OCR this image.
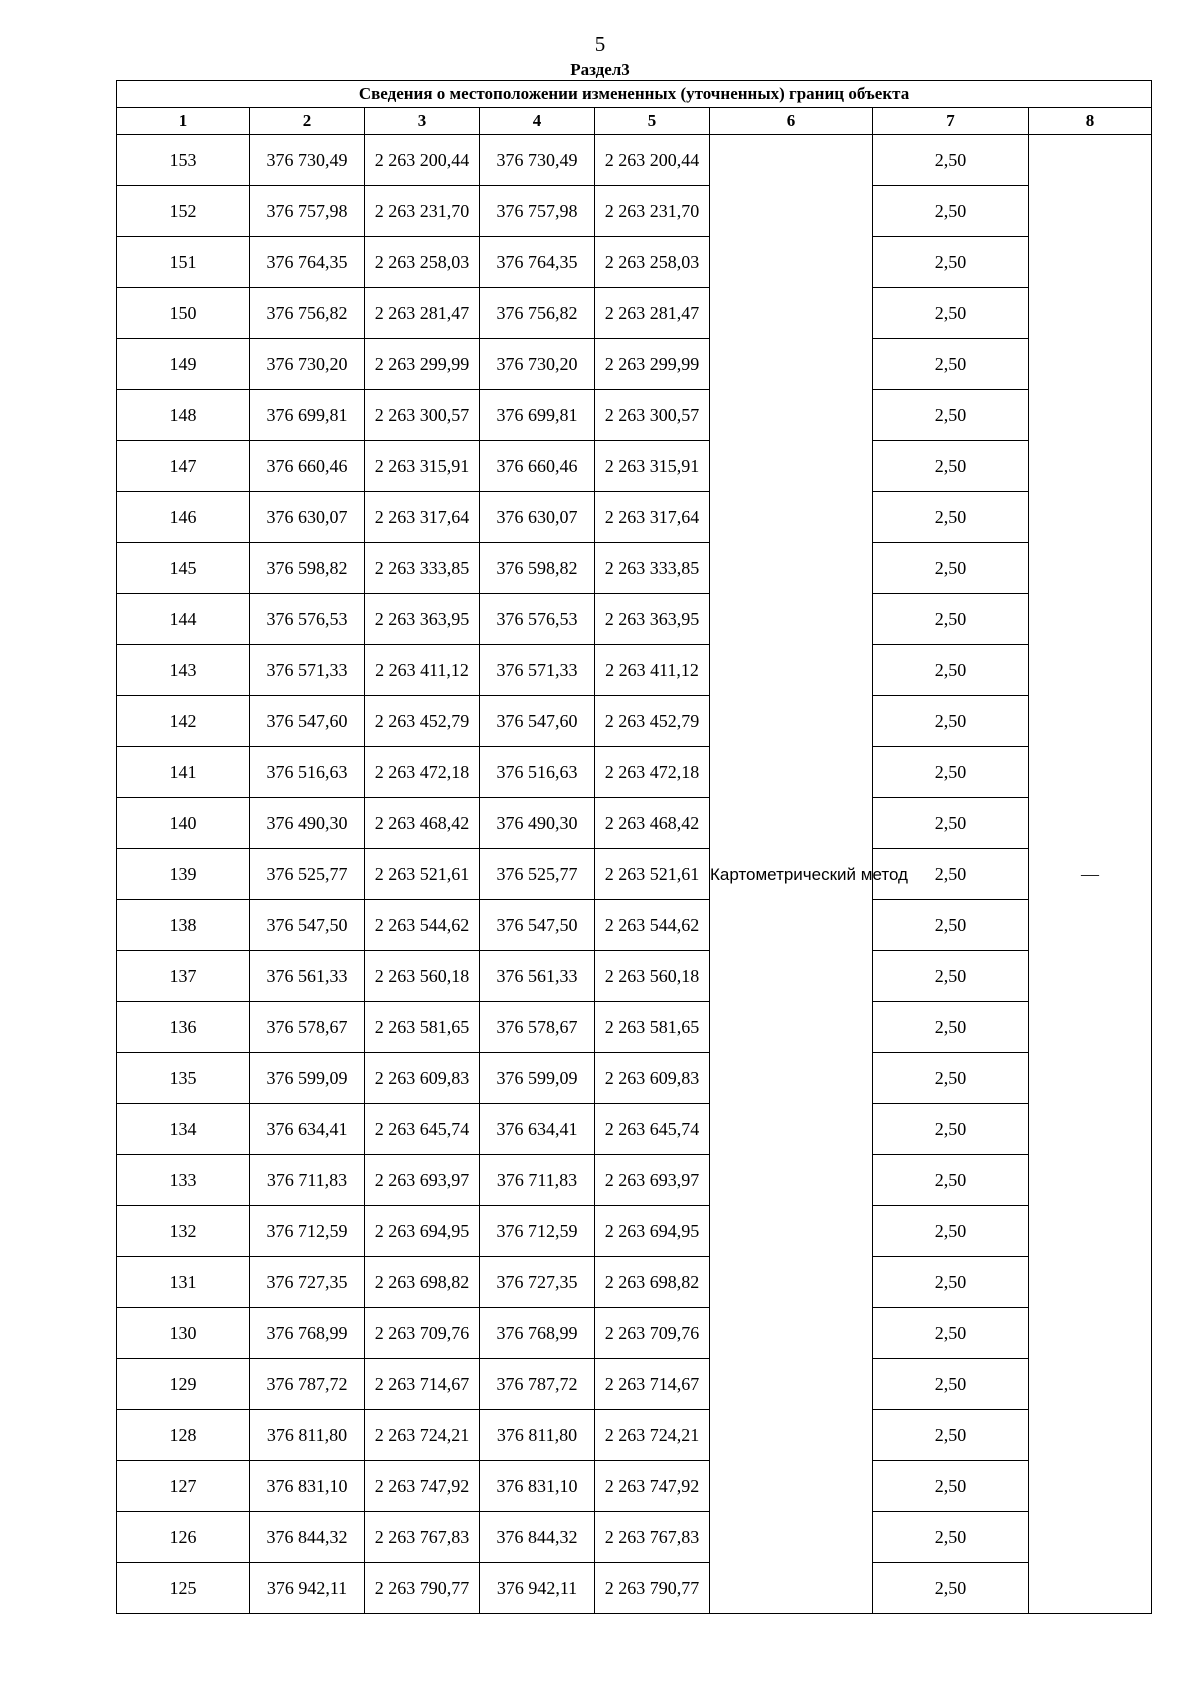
5
Раздел3
Сведения о местоположении измененных (уточненных) границ объекта							
1	2	3	4	5	6	7	8
153	376 730,49	2 263 200,44	376 730,49	2 263 200,44	Картометрический метод	2,50	—
152	376 757,98	2 263 231,70	376 757,98	2 263 231,70		2,50	
151	376 764,35	2 263 258,03	376 764,35	2 263 258,03		2,50	
150	376 756,82	2 263 281,47	376 756,82	2 263 281,47		2,50	
149	376 730,20	2 263 299,99	376 730,20	2 263 299,99		2,50	
148	376 699,81	2 263 300,57	376 699,81	2 263 300,57		2,50	
147	376 660,46	2 263 315,91	376 660,46	2 263 315,91		2,50	
146	376 630,07	2 263 317,64	376 630,07	2 263 317,64		2,50	
145	376 598,82	2 263 333,85	376 598,82	2 263 333,85		2,50	
144	376 576,53	2 263 363,95	376 576,53	2 263 363,95		2,50	
143	376 571,33	2 263 411,12	376 571,33	2 263 411,12		2,50	
142	376 547,60	2 263 452,79	376 547,60	2 263 452,79		2,50	
141	376 516,63	2 263 472,18	376 516,63	2 263 472,18		2,50	
140	376 490,30	2 263 468,42	376 490,30	2 263 468,42		2,50	
139	376 525,77	2 263 521,61	376 525,77	2 263 521,61		2,50	
138	376 547,50	2 263 544,62	376 547,50	2 263 544,62		2,50	
137	376 561,33	2 263 560,18	376 561,33	2 263 560,18		2,50	
136	376 578,67	2 263 581,65	376 578,67	2 263 581,65		2,50	
135	376 599,09	2 263 609,83	376 599,09	2 263 609,83		2,50	
134	376 634,41	2 263 645,74	376 634,41	2 263 645,74		2,50	
133	376 711,83	2 263 693,97	376 711,83	2 263 693,97		2,50	
132	376 712,59	2 263 694,95	376 712,59	2 263 694,95		2,50	
131	376 727,35	2 263 698,82	376 727,35	2 263 698,82		2,50	
130	376 768,99	2 263 709,76	376 768,99	2 263 709,76		2,50	
129	376 787,72	2 263 714,67	376 787,72	2 263 714,67		2,50	
128	376 811,80	2 263 724,21	376 811,80	2 263 724,21		2,50	
127	376 831,10	2 263 747,92	376 831,10	2 263 747,92		2,50	
126	376 844,32	2 263 767,83	376 844,32	2 263 767,83		2,50	
125	376 942,11	2 263 790,77	376 942,11	2 263 790,77		2,50	
